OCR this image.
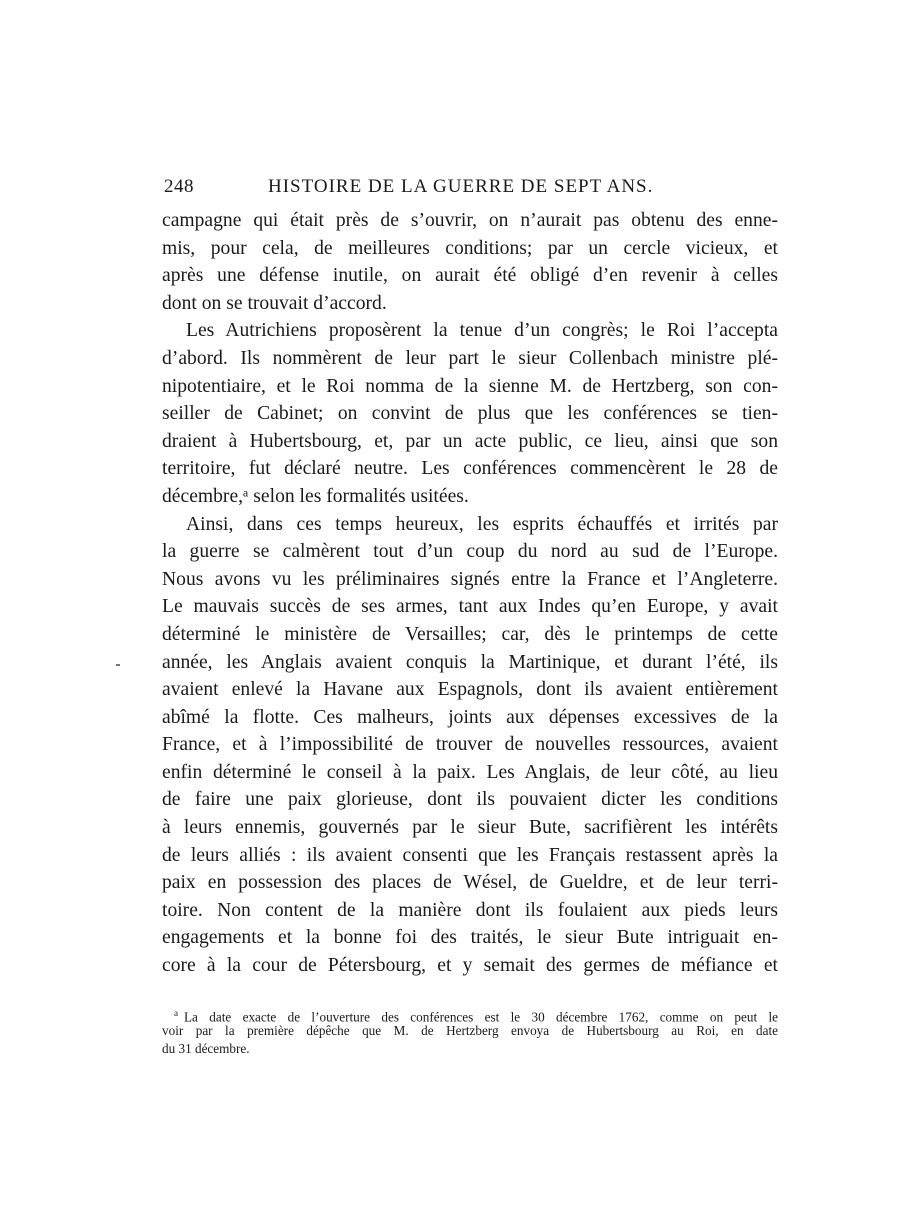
248	HISTOIRE DE LA GUERRE DE SEPT ANS.
campagne qui était près de s’ouvrir, on n’aurait pas obtenu des enne-
mis, pour cela, de meilleures conditions; par un cercle vicieux, et
après une défense inutile, on aurait été obligé d’en revenir à celles
dont on se trouvait d’accord.
Les Autrichiens proposèrent la tenue d’un congrès; le Roi l’accepta
d’abord. Ils nommèrent de leur part le sieur Collenbach ministre plé-
nipotentiaire, et le Roi nomma de la sienne M. de Hertzberg, son con-
seiller de Cabinet; on convint de plus que les conférences se tien-
draient à Hubertsbourg, et, par un acte public, ce lieu, ainsi que son
territoire, fut déclaré neutre. Les conférences commencèrent le 28 de
décembre,ᵃ selon les formalités usitées.
Ainsi, dans ces temps heureux, les esprits échauffés et irrités par
la guerre se calmèrent tout d’un coup du nord au sud de l’Europe.
Nous avons vu les préliminaires signés entre la France et l’Angleterre.
Le mauvais succès de ses armes, tant aux Indes qu’en Europe, y avait
déterminé le ministère de Versailles; car, dès le printemps de cette
année, les Anglais avaient conquis la Martinique, et durant l’été, ils
avaient enlevé la Havane aux Espagnols, dont ils avaient entièrement
abîmé la flotte. Ces malheurs, joints aux dépenses excessives de la
France, et à l’impossibilité de trouver de nouvelles ressources, avaient
enfin déterminé le conseil à la paix. Les Anglais, de leur côté, au lieu
de faire une paix glorieuse, dont ils pouvaient dicter les conditions
à leurs ennemis, gouvernés par le sieur Bute, sacrifièrent les intérêts
de leurs alliés : ils avaient consenti que les Français restassent après la
paix en possession des places de Wésel, de Gueldre, et de leur terri-
toire. Non content de la manière dont ils foulaient aux pieds leurs
engagements et la bonne foi des traités, le sieur Bute intriguait en-
core à la cour de Pétersbourg, et y semait des germes de méfiance et
$^a$ La date exacte de l’ouverture des conférences est le 30 décembre 1762, comme on peut le
voir par la première dépêche que M. de Hertzberg envoya de Hubertsbourg au Roi, en date
du 31 décembre.
